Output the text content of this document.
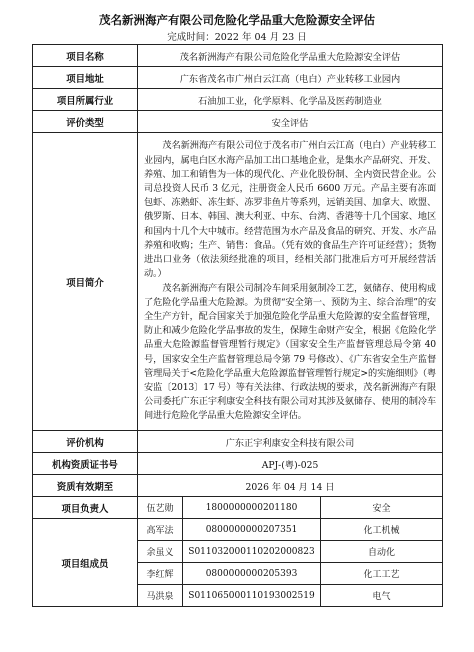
茂名新洲海产有限公司危险化学品重大危险源安全评估
完成时间：2022 年 04 月 23 日
项目名称	茂名新洲海产有限公司危险化学品重大危险源安全评估		
项目地址	广东省茂名市广州白云江高（电白）产业转移工业园内		
项目所属行业	石油加工业，化学原料、化学品及医药制造业		
评价类型	安全评估		
项目简介	茂名新洲海产有限公司位于茂名市广州白云江高（电白）产业转移工业园内，属电白区水海产品加工出口基地企业，是集水产品研究、开发、养殖、加工和销售为一体的现代化、产业化股份制、全内资民营企业。公司总投资人民币 3 亿元，注册资金人民币 6600 万元。产品主要有冻面包虾、冻熟虾、冻生虾、冻罗非鱼片等系列，远销美国、加拿大、欧盟、俄罗斯、日本、韩国、澳大利亚、中东、台湾、香港等十几个国家、地区和国内十几个大中城市。经营范围为水产品及食品的研究、开发、水产品养殖和收购；生产、销售：食品。（凭有效的食品生产许可证经营）；货物进出口业务（依法须经批准的项目，经相关部门批准后方可开展经营活动。）

茂名新洲海产有限公司制冷车间采用氨制冷工艺，氨储存、使用构成了危险化学品重大危险源。为贯彻“安全第一、预防为主、综合治理”的安全生产方针，配合国家关于加强危险化学品重大危险源的安全监督管理，防止和减少危险化学品事故的发生，保障生命财产安全，根据《危险化学品重大危险源监督管理暂行规定》（国家安全生产监督管理总局令第 40 号，国家安全生产监督管理总局令第 79 号修改）、《广东省安全生产监督管理局关于<危险化学品重大危险源监督管理暂行规定>的实施细则》（粤安监〔2013〕17 号）等有关法律、行政法规的要求，茂名新洲海产有限公司委托广东正宇利康安全科技有限公司对其涉及氨储存、使用的制冷车间进行危险化学品重大危险源安全评估。		

评价机构	广东正宇利康安全科技有限公司		
机构资质证书号	APJ-(粤)-025		
资质有效期至	2026 年 04 月 14 日		
项目负责人	伍艺勋	1800000000201180	安全
项目组成员	高军法	0800000000207351	化工机械
	余虽义	S011032000110202000823	自动化
	李红辉	0800000000205393	化工工艺
	马洪泉	S011065000110193002519	电气
